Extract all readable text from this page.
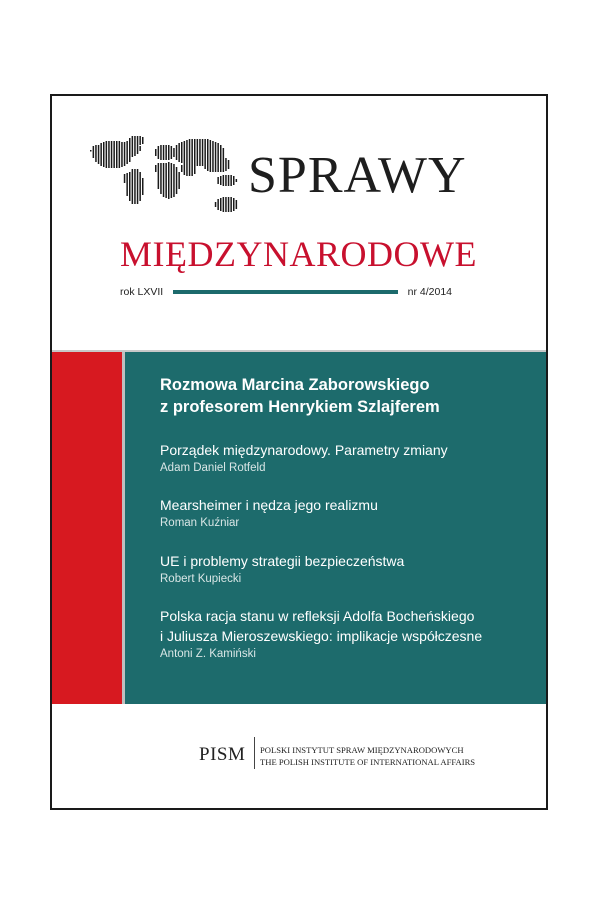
SPRAWY
MIĘDZYNARODOWE
rok LXVII	nr 4/2014
Rozmowa Marcina Zaborowskiego
z profesorem Henrykiem Szlajferem
Porządek międzynarodowy. Parametry zmiany
Adam Daniel Rotfeld
Mearsheimer i nędza jego realizmu
Roman Kuźniar
UE i problemy strategii bezpieczeństwa
Robert Kupiecki
Polska racja stanu w refleksji Adolfa Bocheńskiego
i Juliusza Mieroszewskiego: implikacje współczesne
Antoni Z. Kamiński
PISM POLSKI INSTYTUT SPRAW MIĘDZYNARODOWYCH
THE POLISH INSTITUTE OF INTERNATIONAL AFFAIRS
